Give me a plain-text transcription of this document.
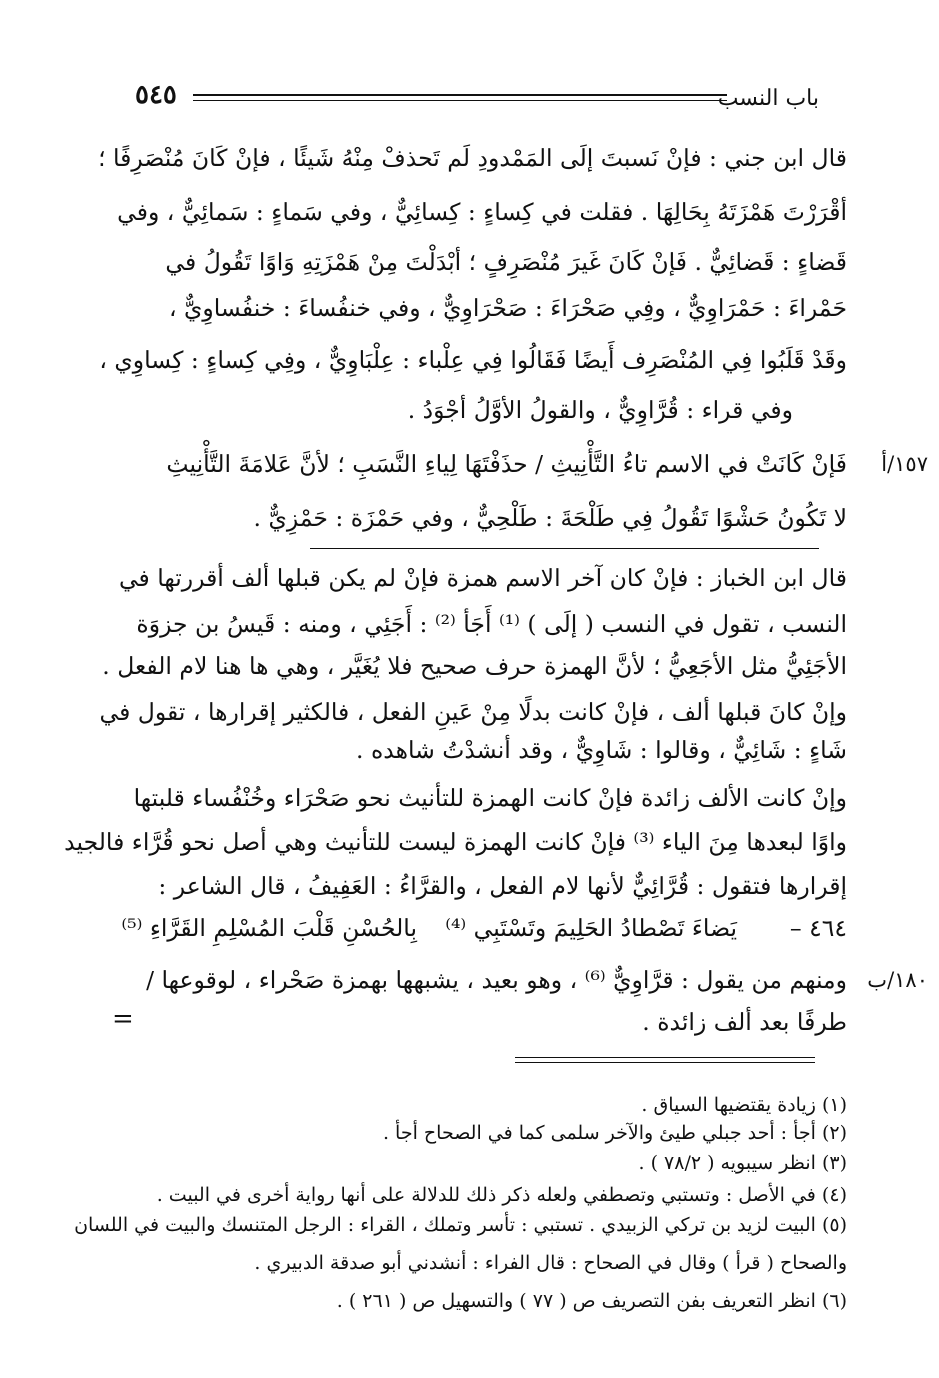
باب النسب
٥٤٥
قال ابن جني : فإنْ نَسبتَ إلَى المَمْدودِ لَم تَحذفْ مِنْهُ شَيئًا ، فإنْ كَانَ مُنْصَرِفًا ؛
أقْرَرْتَ هَمْزَتَهُ بِحَالِهَا . فقلت في كِساءٍ : كِسائِيٌّ ، وفي سَماءٍ : سَمائِيٌّ ، وفي
قَضاءٍ : قَضائِيٌّ . فَإنْ كَانَ غَيرَ مُنْصَرِفٍ ؛ أبْدَلْتَ مِنْ هَمْزَتِهِ وَاوًا تَقُولُ في
حَمْراءَ : حَمْرَاوِيٌّ ، وفِي صَحْرَاءَ : صَحْرَاوِيٌّ ، وفي خنفُساءَ : خنفُساوِيٌّ ،
وقَدْ قَلَبُوا فِي المُنْصَرِف أَيضًا فَقَالُوا فِي عِلْباء : عِلْبَاوِيٌّ ، وفِي كِساءٍ : كِساوِي ،
وفي قراء : قُرَّاوِيٌّ ، والقولُ الأوَّلُ أجْوَدُ .
١٥٧/أ
فَإنْ كَانَتْ في الاسم تاءُ التَّأْنِيثِ / حذَفْتَهَا لِياءِ النَّسَبِ ؛ لأنَّ عَلامَةَ التَّأْنِيثِ
لا تَكُونُ حَشْوًا تَقُولُ فِي طَلْحَةَ : طَلْحِيٌّ ، وفي حَمْزَة : حَمْزِيٌّ .
قال ابن الخباز : فإنْ كان آخر الاسم همزة فإنْ لم يكن قبلها ألف أقررتها في
النسب ، تقول في النسب ( إلَى ) ⁽¹⁾ أَجَأ ⁽²⁾ : أَجَئِي ، ومنه : قَيسُ بن جزوَة
الأجَئِيُّ مثل الأجَعِيُّ ؛ لأنَّ الهمزة حرف صحيح فلا يُغَيَّر ، وهي ها هنا لام الفعل .
وإنْ كانَ قبلها ألف ، فإنْ كانت بدلًا مِنْ عَينِ الفعل ، فالكثير إقرارها ، تقول في
شَاءٍ : شَائِيٌّ ، وقالوا : شَاوِيٌّ ، وقد أنشدْتُ شاهده .
وإنْ كانت الألف زائدة فإنْ كانت الهمزة للتأنيث نحو صَحْرَاء وخُنْفُساء قلبتها
واوًا لبعدها مِنَ الياء ⁽³⁾ فإنْ كانت الهمزة ليست للتأنيث وهي أصل نحو قُرَّاء فالجيد
إقرارها فتقول : قُرَّائِيٌّ لأنها لام الفعل ، والقرَّاءُ : العَفِيفُ ، قال الشاعر :
٤٦٤ –
يَضاءَ تَصْطادُ الحَلِيمَ وتَسْتَبِي ⁽⁴⁾
بِالحُسْنِ قَلْبَ المُسْلِمِ القَرَّاءِ ⁽⁵⁾
١٨٠/ب
ومنهم من يقول : قرَّاوِيٌّ ⁽⁶⁾ ، وهو بعيد ، يشبهها بهمزة صَحْراء ، لوقوعها /
طرفًا بعد ألف زائدة .
=
(١) زيادة يقتضيها السياق .
(٢) أجأ : أحد جبلي طيئ والآخر سلمى كما في الصحاح أجأ .
(٣) انظر سيبويه ( ٧٨/٢ ) .
(٤) في الأصل : وتستبي وتصطفي ولعله ذكر ذلك للدلالة على أنها رواية أخرى في البيت .
(٥) البيت لزيد بن تركي الزبيدي . تستبي : تأسر وتملك ، القراء : الرجل المتنسك والبيت في اللسان
والصحاح ( قرأ ) وقال في الصحاح : قال الفراء : أنشدني أبو صدقة الدبيري .
(٦) انظر التعريف بفن التصريف ص ( ٧٧ ) والتسهيل ص ( ٢٦١ ) .
